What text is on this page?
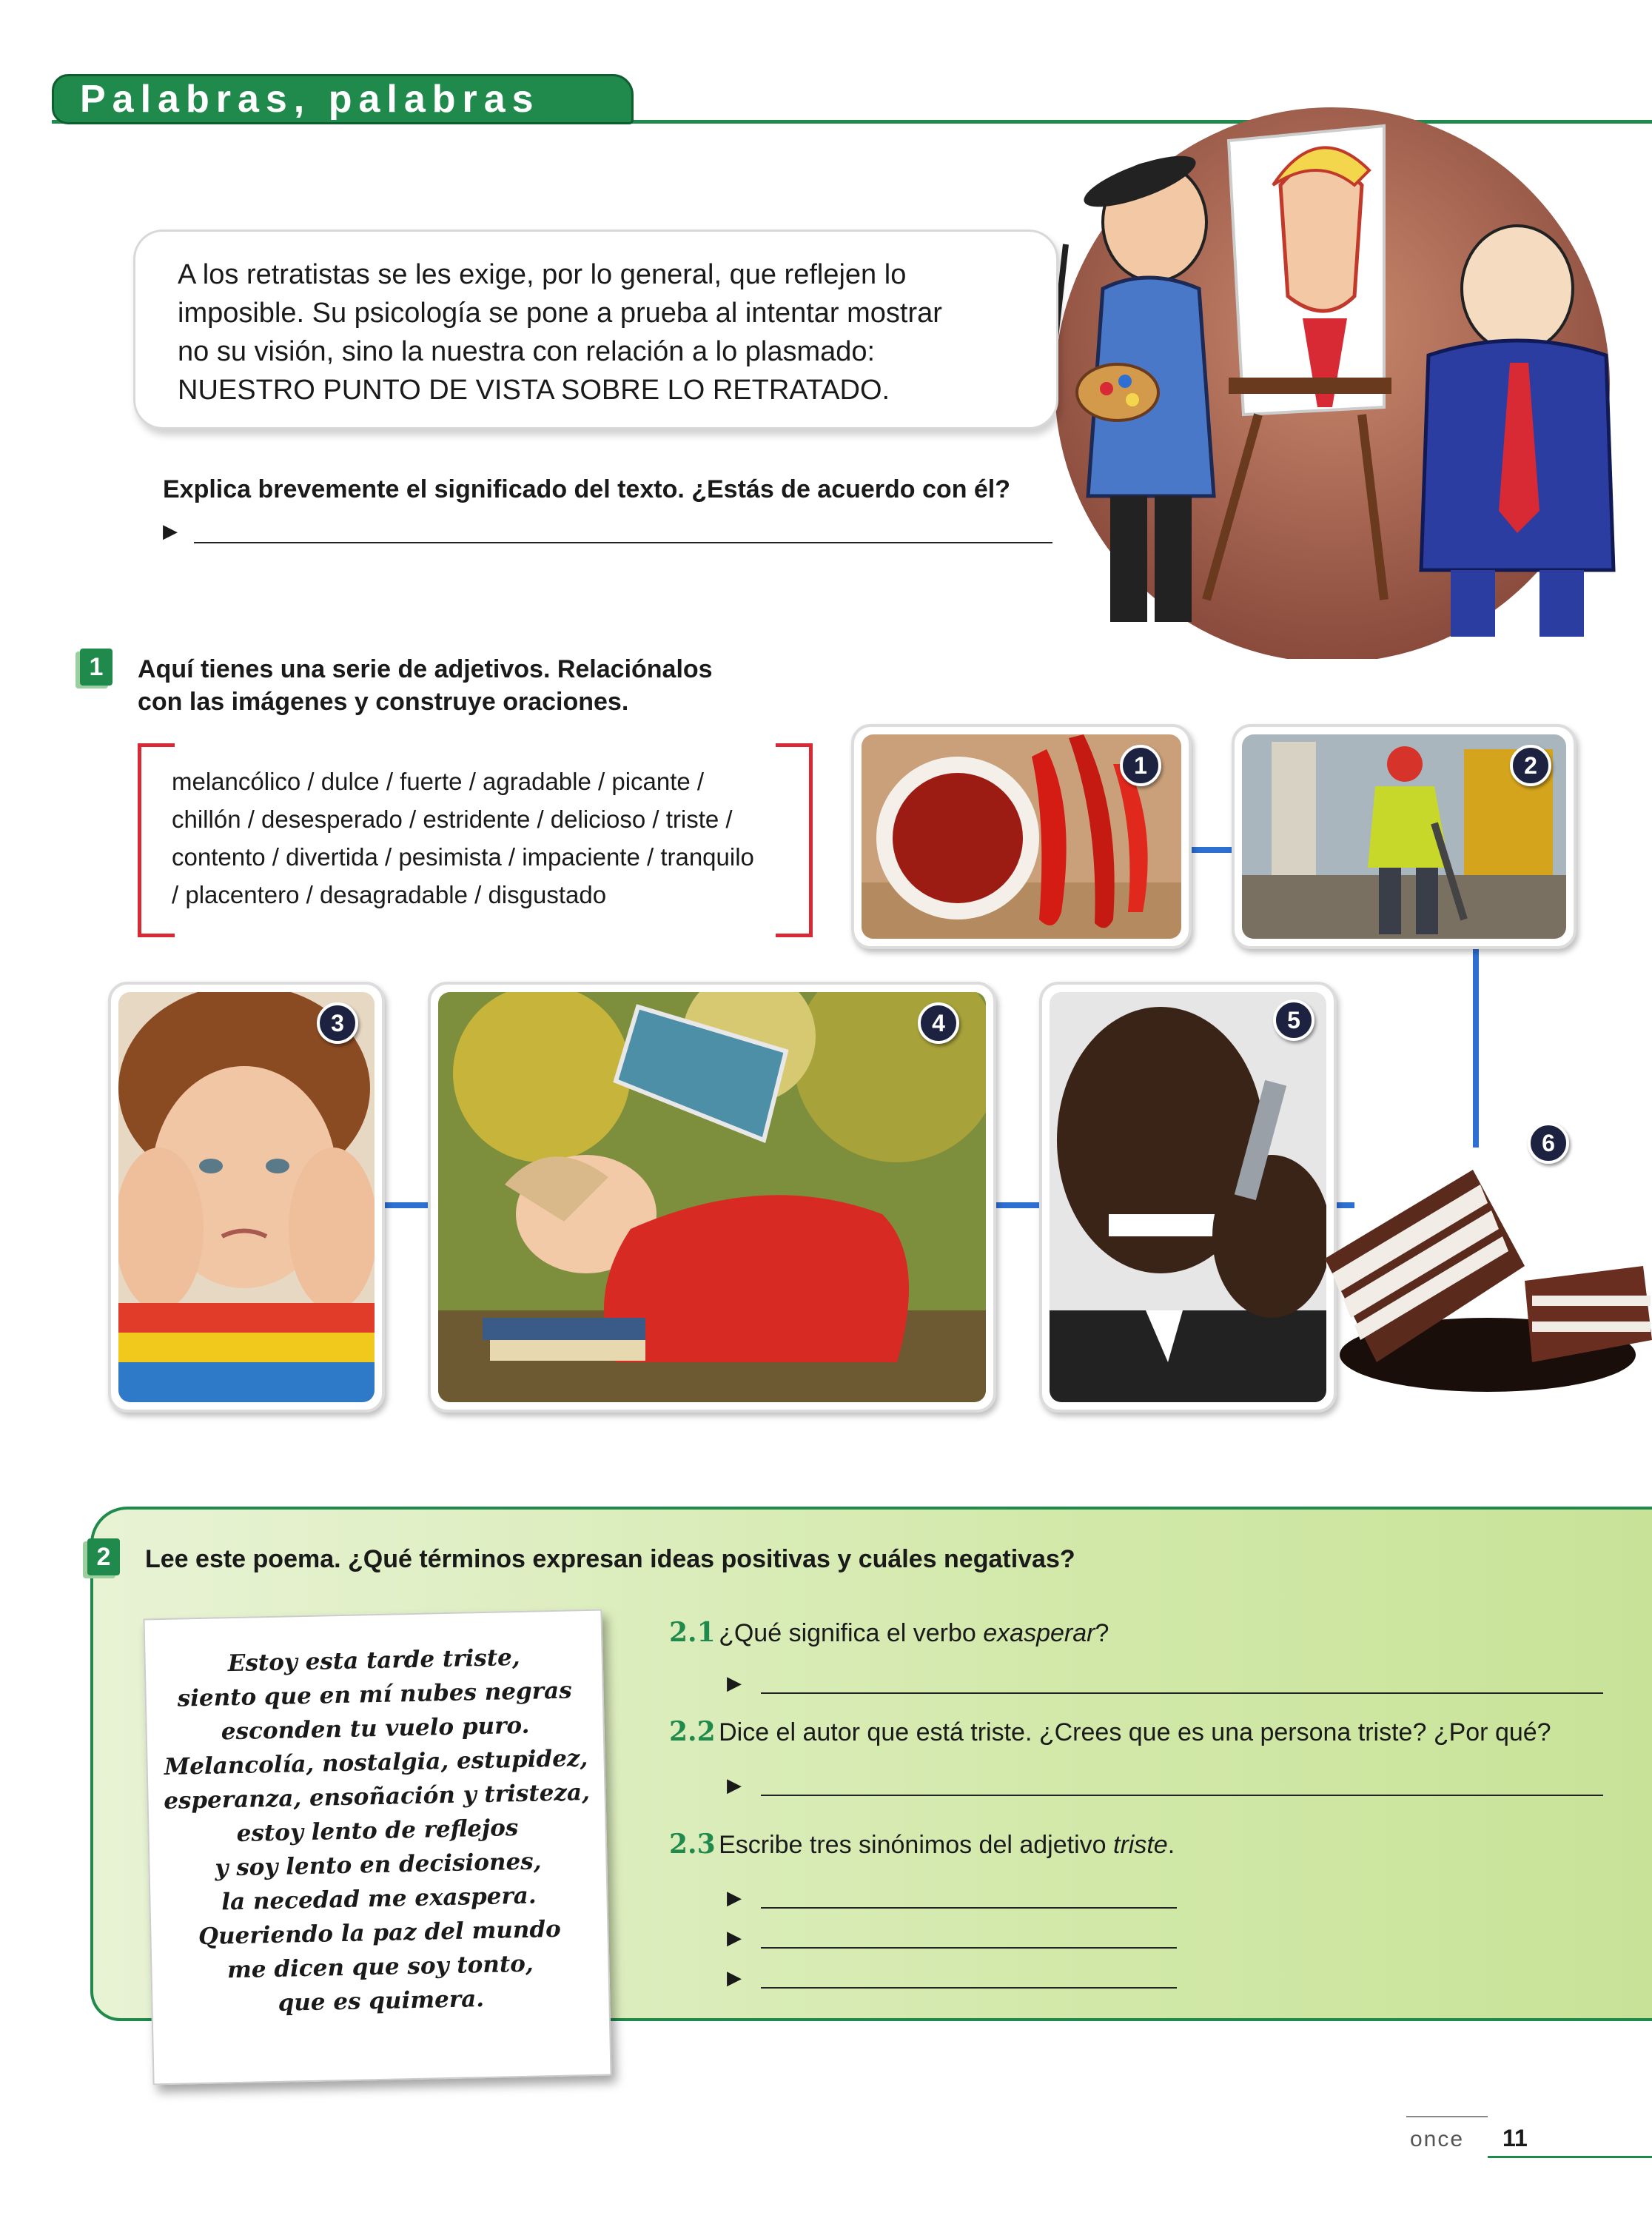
Palabras, palabras
A los retratistas se les exige, por lo general, que reflejen lo
imposible. Su psicología se pone a prueba al intentar mostrar
no su visión, sino la nuestra con relación a lo plasmado:
NUESTRO PUNTO DE VISTA SOBRE LO RETRATADO.
Explica brevemente el significado del texto. ¿Estás de acuerdo con él?
▶
1	Aquí tienes una serie de adjetivos. Relaciónalos
con las imágenes y construye oraciones.
melancólico / dulce / fuerte / agradable / picante /
chillón / desesperado / estridente / delicioso / triste /
contento / divertida / pesimista / impaciente / tranquilo
/ placentero / desagradable / disgustado
1	2
3	4	5
6
2	Lee este poema. ¿Qué términos expresan ideas positivas y cuáles negativas?
Estoy esta tarde triste,
siento que en mí nubes negras
esconden tu vuelo puro.
Melancolía, nostalgia, estupidez,
esperanza, ensoñación y tristeza,
estoy lento de reflejos
y soy lento en decisiones,
la necedad me exaspera.
Queriendo la paz del mundo
me dicen que soy tonto,
que es quimera.
2.1 ¿Qué significa el verbo exasperar?
▶
2.2 Dice el autor que está triste. ¿Crees que es una persona triste? ¿Por qué?
▶
2.3 Escribe tres sinónimos del adjetivo triste.
▶
▶
▶
once 11
